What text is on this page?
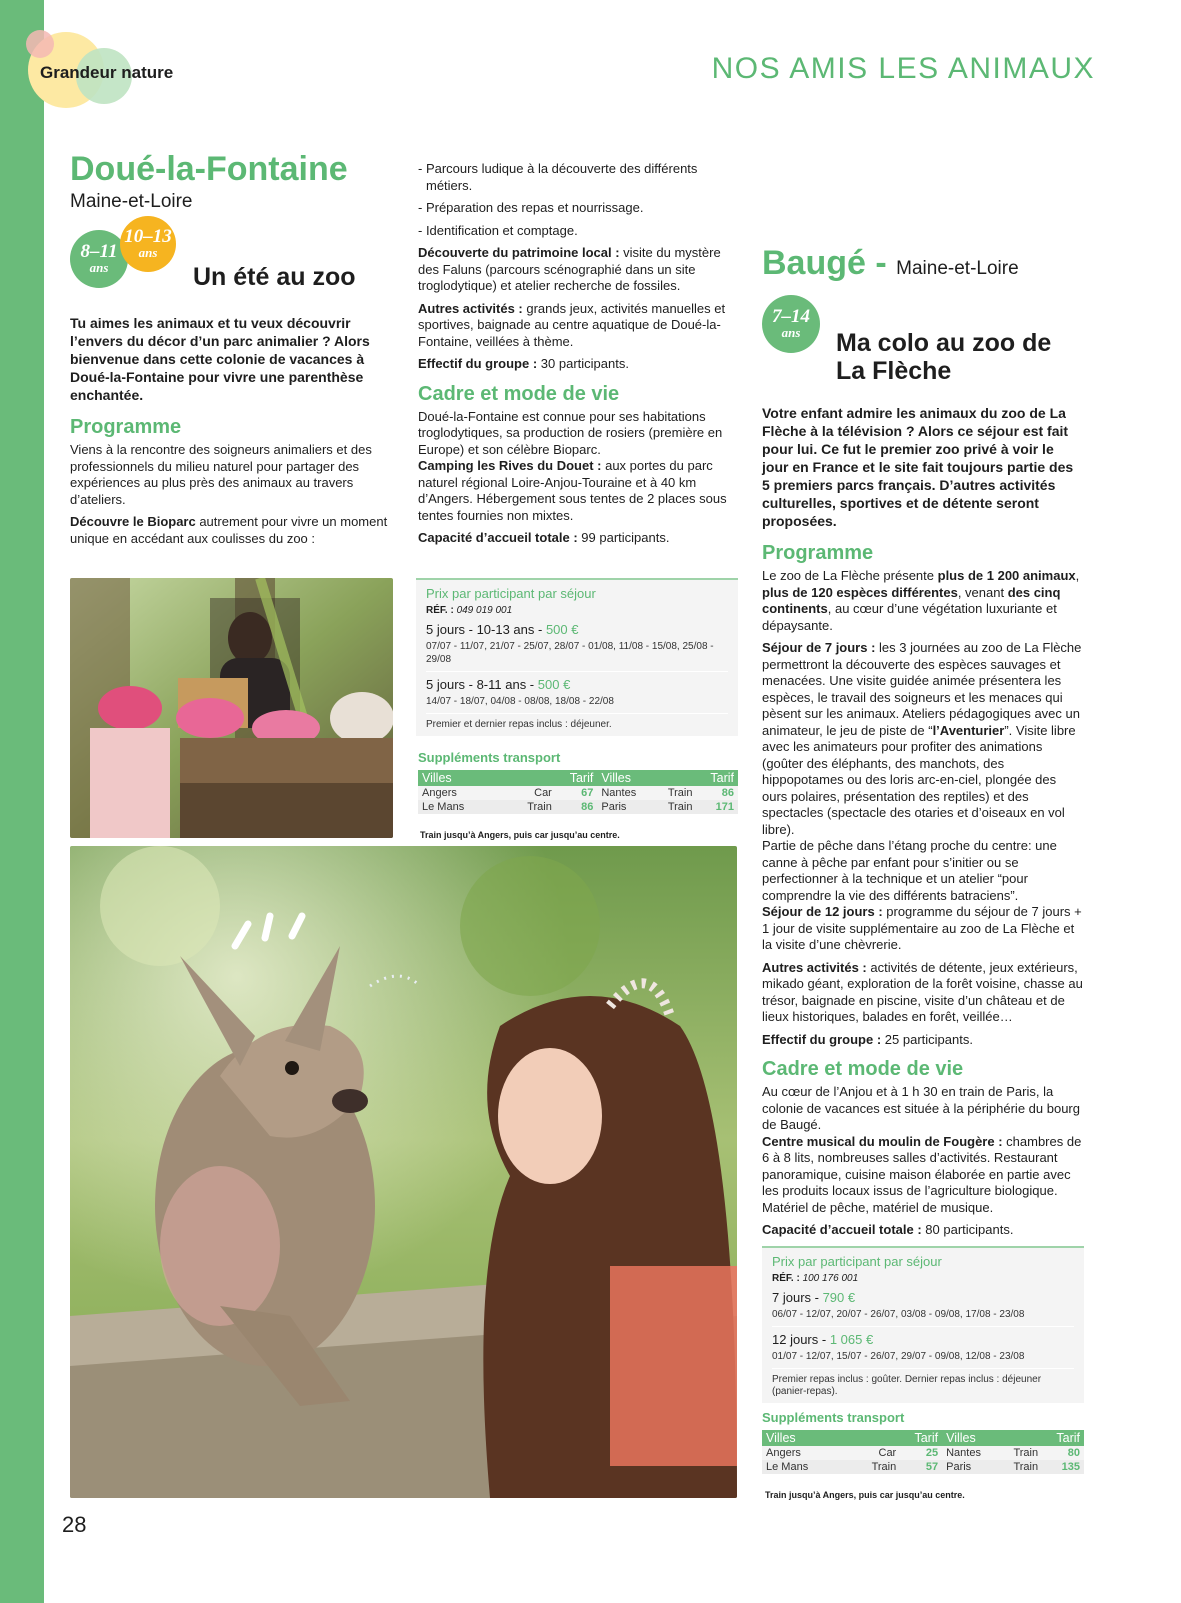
Grandeur nature	NOS AMIS LES ANIMAUX
Doué-la-Fontaine
Maine-et-Loire
8–11
ans
10–13
ans
Un été au zoo
Tu aimes les animaux et tu veux découvrir l’envers du décor d’un parc animalier ? Alors bienvenue dans cette colonie de vacances à Doué-la-Fontaine pour vivre une parenthèse enchantée.
Programme
Viens à la rencontre des soigneurs animaliers et des professionnels du milieu naturel pour partager des expériences au plus près des animaux au travers d’ateliers.
Découvre le Bioparc autrement pour vivre un moment unique en accédant aux coulisses du zoo :
- Parcours ludique à la découverte des différents métiers.
- Préparation des repas et nourrissage.
- Identification et comptage.
Découverte du patrimoine local : visite du mystère des Faluns (parcours scénographié dans un site troglodytique) et atelier recherche de fossiles.
Autres activités : grands jeux, activités manuelles et sportives, baignade au centre aquatique de Doué-la-Fontaine, veillées à thème.
Effectif du groupe : 30 participants.
Cadre et mode de vie
Doué-la-Fontaine est connue pour ses habitations troglodytiques, sa production de rosiers (première en Europe) et son célèbre Bioparc.
Camping les Rives du Douet : aux portes du parc naturel régional Loire-Anjou-Touraine et à 40 km d’Angers. Hébergement sous tentes de 2 places sous tentes fournies non mixtes.
Capacité d’accueil totale : 99 participants.
Prix par participant par séjour
RÉF. : 049 019 001
5 jours - 10-13 ans - 500 €
07/07 - 11/07, 21/07 - 25/07, 28/07 - 01/08, 11/08 - 15/08, 25/08 - 29/08
5 jours - 8-11 ans - 500 €
14/07 - 18/07, 04/08 - 08/08, 18/08 - 22/08
Premier et dernier repas inclus : déjeuner.
Suppléments transport
Villes		Tarif	Villes		Tarif
Angers	Car	67	Nantes	Train	86
Le Mans	Train	86	Paris	Train	171
Train jusqu’à Angers, puis car jusqu’au centre.
Baugé - Maine-et-Loire
7–14
ans	Ma colo au zoo de
La Flèche
Votre enfant admire les animaux du zoo de La Flèche à la télévision ? Alors ce séjour est fait pour lui. Ce fut le premier zoo privé à voir le jour en France et le site fait toujours partie des 5 premiers parcs français. D’autres activités culturelles, sportives et de détente seront proposées.
Programme
Le zoo de La Flèche présente plus de 1 200 animaux, plus de 120 espèces différentes, venant des cinq continents, au cœur d’une végétation luxuriante et dépaysante.
Séjour de 7 jours : les 3 journées au zoo de La Flèche permettront la découverte des espèces sauvages et menacées. Une visite guidée animée présentera les espèces, le travail des soigneurs et les menaces qui pèsent sur les animaux. Ateliers pédagogiques avec un animateur, le jeu de piste de “l’Aventurier”. Visite libre avec les animateurs pour profiter des animations (goûter des éléphants, des manchots, des hippopotames ou des loris arc-en-ciel, plongée des ours polaires, présentation des reptiles) et des spectacles (spectacle des otaries et d’oiseaux en vol libre).
Partie de pêche dans l’étang proche du centre: une canne à pêche par enfant pour s’initier ou se perfectionner à la technique et un atelier “pour comprendre la vie des différents batraciens”.
Séjour de 12 jours : programme du séjour de 7 jours + 1 jour de visite supplémentaire au zoo de La Flèche et la visite d’une chèvrerie.
Autres activités : activités de détente, jeux extérieurs, mikado géant, exploration de la forêt voisine, chasse au trésor, baignade en piscine, visite d’un château et de lieux historiques, balades en forêt, veillée…
Effectif du groupe : 25 participants.
Cadre et mode de vie
Au cœur de l’Anjou et à 1 h 30 en train de Paris, la colonie de vacances est située à la périphérie du bourg de Baugé.
Centre musical du moulin de Fougère : chambres de 6 à 8 lits, nombreuses salles d’activités. Restaurant panoramique, cuisine maison élaborée en partie avec les produits locaux issus de l’agriculture biologique. Matériel de pêche, matériel de musique.
Capacité d’accueil totale : 80 participants.
Prix par participant par séjour
RÉF. : 100 176 001
7 jours - 790 €
06/07 - 12/07, 20/07 - 26/07, 03/08 - 09/08, 17/08 - 23/08
12 jours - 1 065 €
01/07 - 12/07, 15/07 - 26/07, 29/07 - 09/08, 12/08 - 23/08
Premier repas inclus : goûter. Dernier repas inclus : déjeuner (panier-repas).
Suppléments transport
Villes		Tarif	Villes		Tarif
Angers	Car	25	Nantes	Train	80
Le Mans	Train	57	Paris	Train	135
Train jusqu’à Angers, puis car jusqu’au centre.
28
